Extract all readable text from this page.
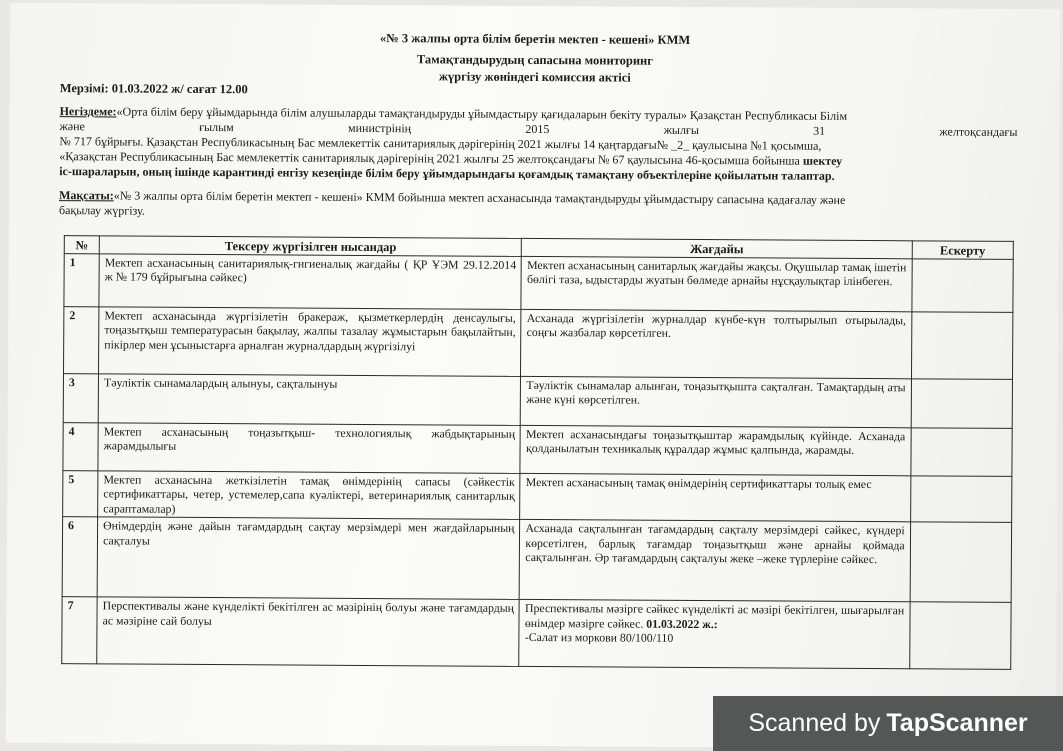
«№ 3 жалпы орта білім беретін мектеп - кешені» КММ
Тамақтандырудың сапасына мониторинг
жүргізу жөніндегі комиссия актісі
Мерзімі: 01.03.2022 ж/ сағат 12.00
Негіздеме:«Орта білім беру ұйымдарында білім алушыларды тамақтандыруды ұйымдастыру қағидаларын бекіту туралы» Қазақстан Республикасы Білім
және	ғылым	министрінің	2015	жылғы	31	желтоқсандағы
№ 717 бұйрығы. Қазақстан Республикасының Бас мемлекеттік санитариялық дәрігерінің 2021 жылғы 14 қаңтардағы№ _2_ қаулысына №1 қосымша,
«Қазақстан Республикасының Бас мемлекеттік санитариялық дәрігерінің 2021 жылғы 25 желтоқсандағы № 67 қаулысына 46-қосымша бойынша шектеу
іс-шараларын, оның ішінде карантинді енгізу кезеңінде білім беру ұйымдарындағы қоғамдық тамақтану объектілеріне қойылатын талаптар.
Мақсаты:«№ 3 жалпы орта білім беретін мектеп - кешені» КММ бойынша мектеп асханасында тамақтандыруды ұйымдастыру сапасына қадағалау және
бақылау жүргізу.
№	Тексеру жүргізілген нысандар	Жағдайы	Ескерту
1	Мектеп асханасының санитариялық-гигиеналық жағдайы ( ҚР ҰЭМ 29.12.2014 ж № 179 бұйрығына сәйкес)	Мектеп асханасының санитарлық жағдайы жақсы. Оқушылар тамақ ішетін бөлігі таза, ыдыстарды жуатын бөлмеде арнайы нұсқаулықтар ілінбеген.	
2	Мектеп асханасында жүргізілетін бракераж, қызметкерлердің денсаулығы, тоңазытқыш температурасын бақылау, жалпы тазалау жұмыстарын бақылайтын, пікірлер мен ұсыныстарға арналған журналдардың жүргізілуі	Асханада жүргізілетін журналдар күнбе-күн толтырылып отырылады, соңғы жазбалар көрсетілген.	
3	Тәуліктік сынамалардың алынуы, сақталынуы	Тәуліктік сынамалар алынған, тоңазытқышта сақталған. Тамақтардың аты және күні көрсетілген.	
4	Мектеп асханасының тоңазытқыш- технологиялық жабдықтарының жарамдылығы	Мектеп асханасындағы тоңазытқыштар жарамдылық күйінде. Асханада қолданылатын техникалық құралдар жұмыс қалпында, жарамды.	
5	Мектеп асханасына жеткізілетін тамақ өнімдерінің сапасы (сәйкестік сертификаттары, четер, устемелер,сапа куәліктері, ветеринариялық санитарлық сараптамалар)	Мектеп асханасының тамақ өнімдерінің сертификаттары толық емес	
6	Өнімдердің және дайын тағамдардың сақтау мерзімдері мен жағдайларының сақталуы	Асханада сақталынған тағамдардың сақталу мерзімдері сәйкес, күндері көрсетілген, барлық тағамдар тоңазытқыш және арнайы қоймада сақталынған. Әр тағамдардың сақталуы жеке –жеке түрлеріне сәйкес.	
7	Перспективалы және күнделікті бекітілген ас мәзірінің болуы және тағамдардың ас мәзіріне сай болуы	Преспективалы мәзірге сәйкес күнделікті ас мәзірі бекітілген, шығарылған өнімдер мәзірге сәйкес. 01.03.2022 ж.:
-Салат из моркови 80/100/110	

Scanned by TapScanner
